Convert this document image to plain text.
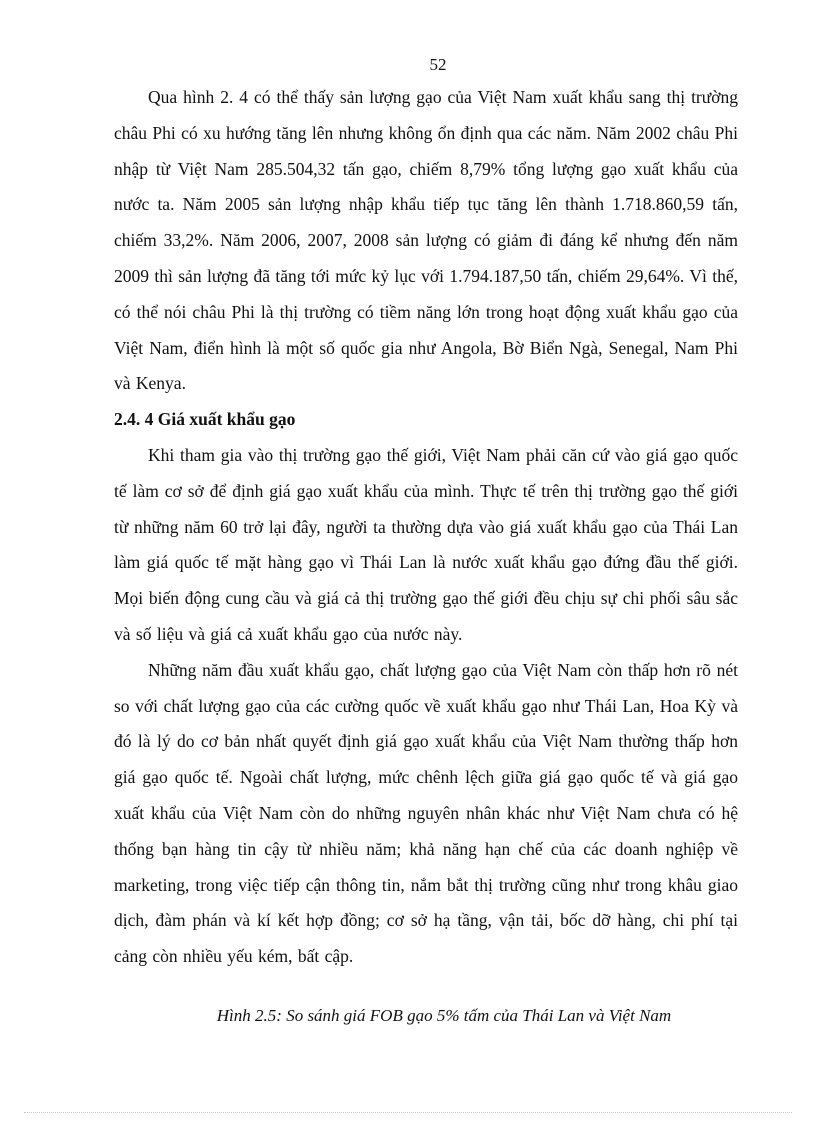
52

Qua hình 2. 4 có thể thấy sản lượng gạo của Việt Nam xuất khẩu sang thị trường châu Phi có xu hướng tăng lên nhưng không ổn định qua các năm. Năm 2002 châu Phi nhập từ Việt Nam 285.504,32 tấn gạo, chiếm 8,79% tổng lượng gạo xuất khẩu của nước ta. Năm 2005 sản lượng nhập khẩu tiếp tục tăng lên thành 1.718.860,59 tấn, chiếm 33,2%. Năm 2006, 2007, 2008 sản lượng có giảm đi đáng kể nhưng đến năm 2009 thì sản lượng đã tăng tới mức kỷ lục với 1.794.187,50 tấn, chiếm 29,64%. Vì thế, có thể nói châu Phi là thị trường có tiềm năng lớn trong hoạt động xuất khẩu gạo của Việt Nam, điển hình là một số quốc gia như Angola, Bờ Biển Ngà, Senegal, Nam Phi và Kenya.

2.4. 4 Giá xuất khẩu gạo

Khi tham gia vào thị trường gạo thế giới, Việt Nam phải căn cứ vào giá gạo quốc tế làm cơ sở để định giá gạo xuất khẩu của mình. Thực tế trên thị trường gạo thế giới từ những năm 60 trở lại đây, người ta thường dựa vào giá xuất khẩu gạo của Thái Lan làm giá quốc tế mặt hàng gạo vì Thái Lan là nước xuất khẩu gạo đứng đầu thế giới. Mọi biến động cung cầu và giá cả thị trường gạo thế giới đều chịu sự chi phối sâu sắc và số liệu và giá cả xuất khẩu gạo của nước này.

Những năm đầu xuất khẩu gạo, chất lượng gạo của Việt Nam còn thấp hơn rõ nét so với chất lượng gạo của các cường quốc về xuất khẩu gạo như Thái Lan, Hoa Kỳ và đó là lý do cơ bản nhất quyết định giá gạo xuất khẩu của Việt Nam thường thấp hơn giá gạo quốc tế. Ngoài chất lượng, mức chênh lệch giữa giá gạo quốc tế và giá gạo xuất khẩu của Việt Nam còn do những nguyên nhân khác như Việt Nam chưa có hệ thống bạn hàng tin cậy từ nhiều năm; khả năng hạn chế của các doanh nghiệp về marketing, trong việc tiếp cận thông tin, nắm bắt thị trường cũng như trong khâu giao dịch, đàm phán và kí kết hợp đồng; cơ sở hạ tầng, vận tải, bốc dỡ hàng, chi phí tại cảng còn nhiều yếu kém, bất cập.

Hình 2.5: So sánh giá FOB gạo 5% tấm của Thái Lan và Việt Nam
